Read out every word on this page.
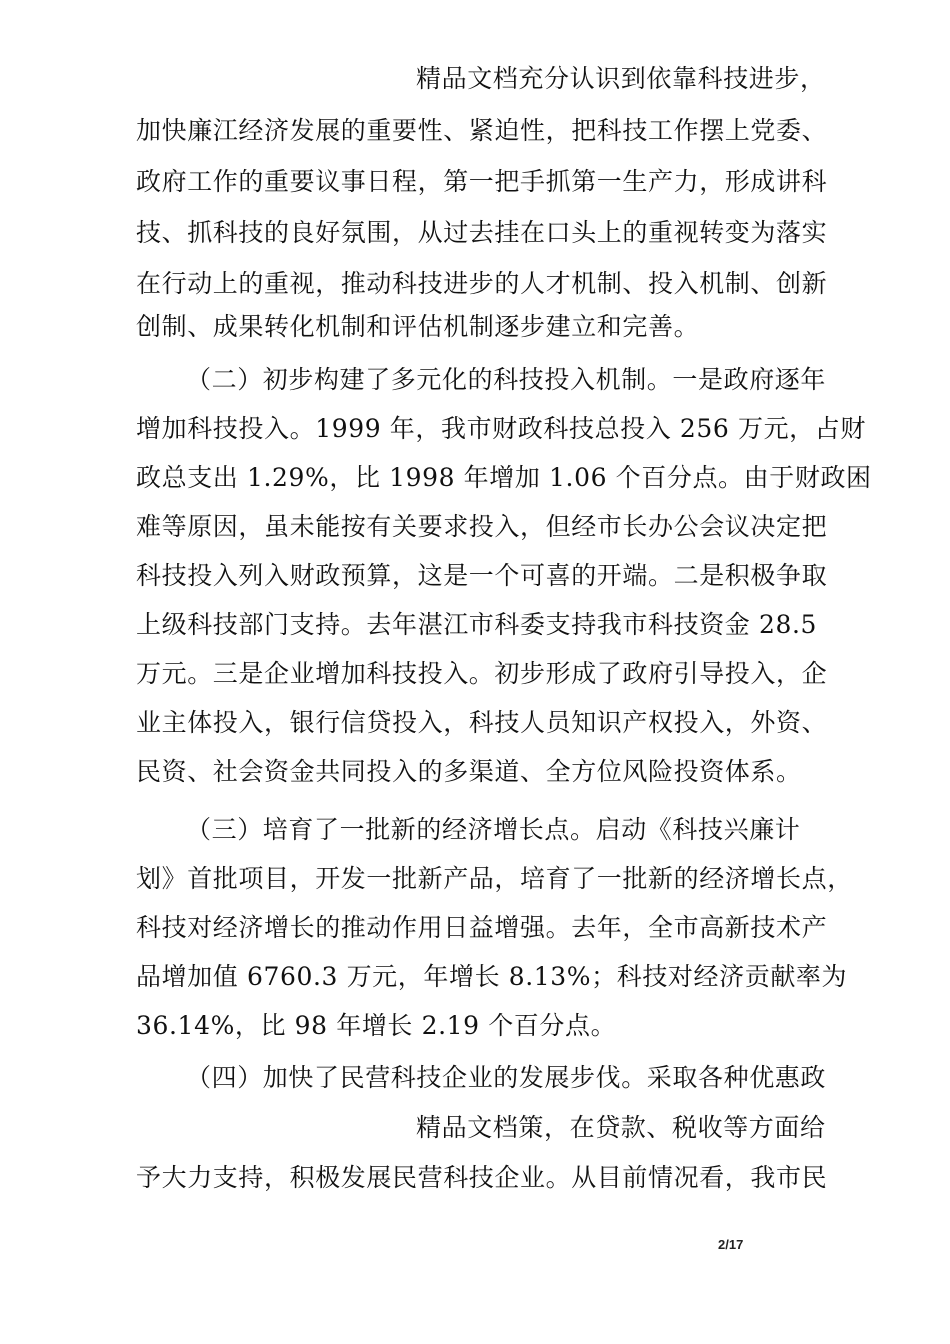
精品文档充分认识到依靠科技进步，
加快廉江经济发展的重要性、紧迫性，把科技工作摆上党委、
政府工作的重要议事日程，第一把手抓第一生产力，形成讲科
技、抓科技的良好氛围，从过去挂在口头上的重视转变为落实
在行动上的重视，推动科技进步的人才机制、投入机制、创新
创制、成果转化机制和评估机制逐步建立和完善。
（二）初步构建了多元化的科技投入机制。一是政府逐年
增加科技投入。1999 年，我市财政科技总投入 256 万元，占财
政总支出 1.29%，比 1998 年增加 1.06 个百分点。由于财政困
难等原因，虽未能按有关要求投入，但经市长办公会议决定把
科技投入列入财政预算，这是一个可喜的开端。二是积极争取
上级科技部门支持。去年湛江市科委支持我市科技资金 28.5
万元。三是企业增加科技投入。初步形成了政府引导投入，企
业主体投入，银行信贷投入，科技人员知识产权投入，外资、
民资、社会资金共同投入的多渠道、全方位风险投资体系。
（三）培育了一批新的经济增长点。启动《科技兴廉计
划》首批项目，开发一批新产品，培育了一批新的经济增长点，
科技对经济增长的推动作用日益增强。去年，全市高新技术产
品增加值 6760.3 万元，年增长 8.13%；科技对经济贡献率为
36.14%，比 98 年增长 2.19 个百分点。
（四）加快了民营科技企业的发展步伐。采取各种优惠政
精品文档策，在贷款、税收等方面给
予大力支持，积极发展民营科技企业。从目前情况看，我市民
2/17
